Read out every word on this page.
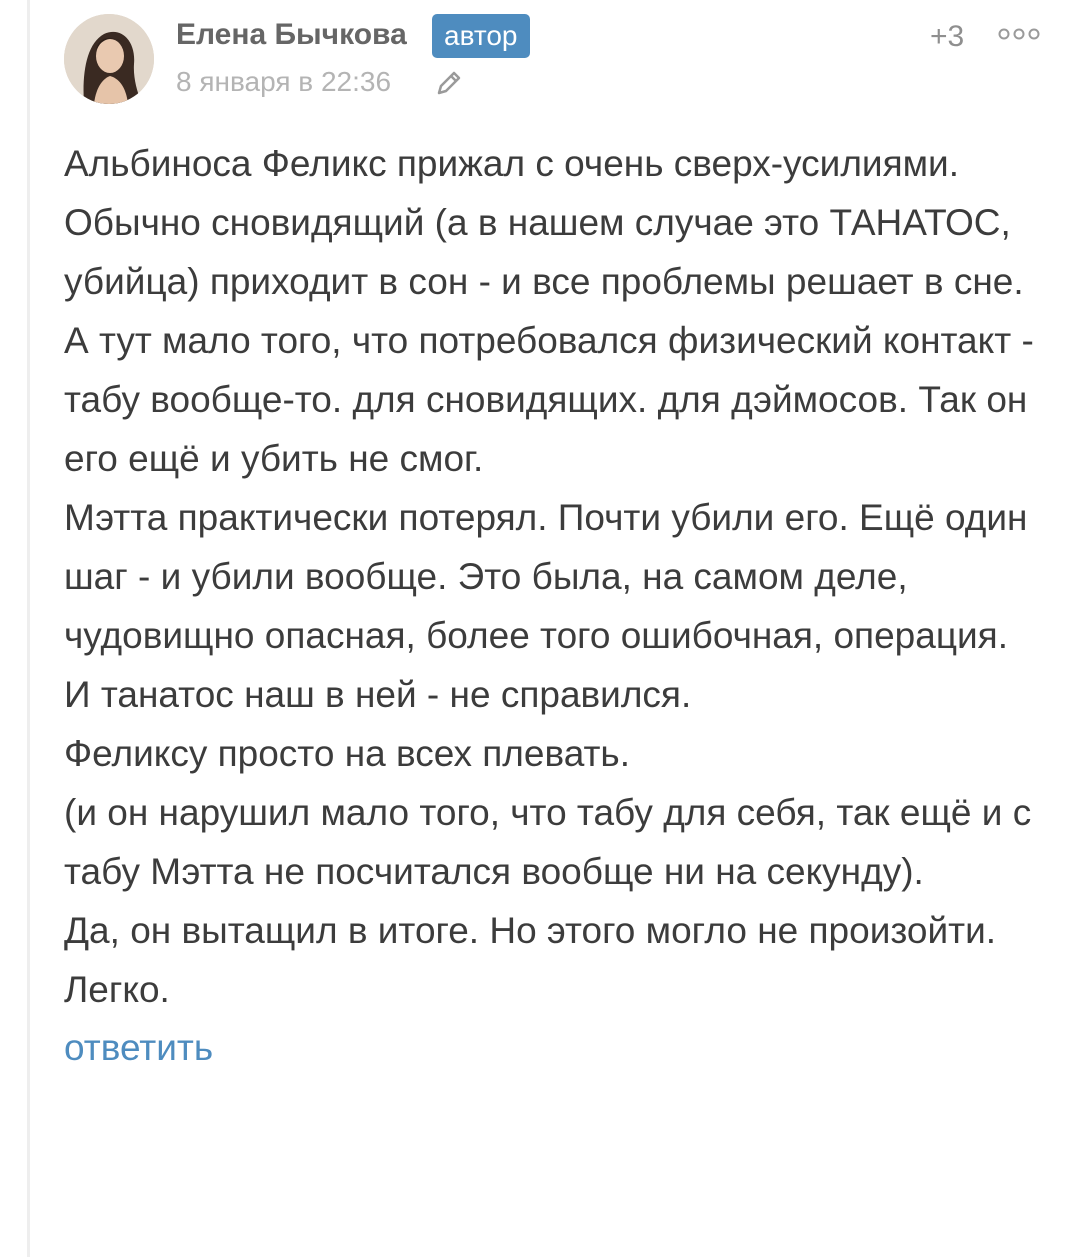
Елена Бычкова	автор
8 января в 22:36
+3

Альбиноса Феликс прижал с очень сверх-усилиями. Обычно сновидящий (а в нашем случае это ТАНАТОС, убийца) приходит в сон - и все проблемы решает в сне.

А тут мало того, что потребовался физический контакт - табу вообще-то. для сновидящих. для дэймосов. Так он его ещё и убить не смог.

Мэтта практически потерял. Почти убили его. Ещё один шаг - и убили вообще. Это была, на самом деле, чудовищно опасная, более того ошибочная, операция.

И танатос наш в ней - не справился.

Феликсу просто на всех плевать.

(и он нарушил мало того, что табу для себя, так ещё и с табу Мэтта не посчитался вообще ни на секунду).

Да, он вытащил в итоге. Но этого могло не произойти. Легко.

ответить
